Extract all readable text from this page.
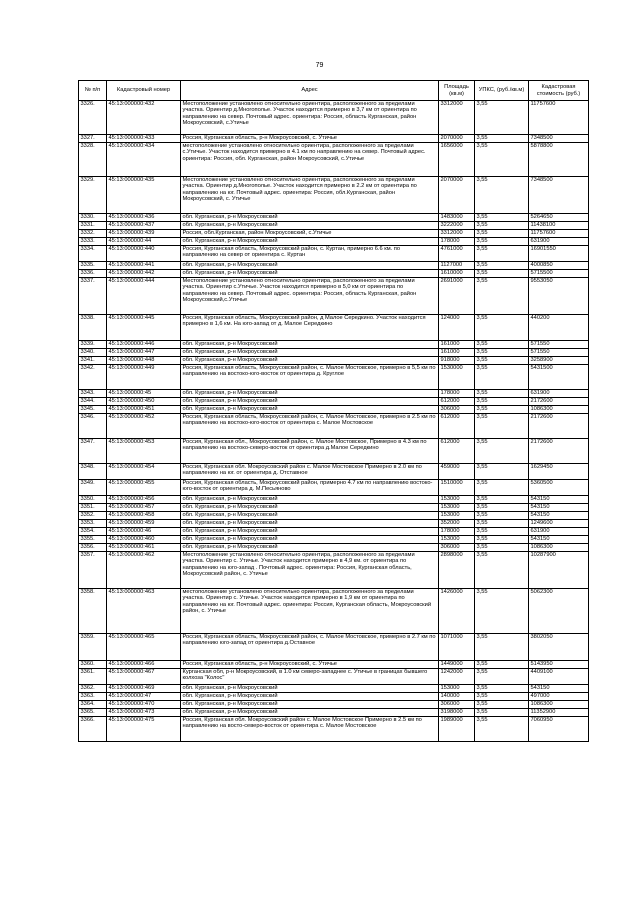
79
№ п/п	Кадастровый номер	Адрес	Площадь (кв.м)	УПКС, (руб./кв.м)	Кадастровая стоимость (руб.)
3326.	45:13:000000:432	Местоположение установлено относительно ориентира, расположенного за пределами участка. Ориентир д.Многополье. Участок находится примерно в 3,7 км от ориентира по направлению на север. Почтовый адрес. ориентира: Россия, область Курганская, район Мокроусовский, с.Утичье	3312000	3,55	11757600
3327.	45:13:000000:433	Россия, Курганская область, р-н Мокроусовский, с. Утичье	2070000	3,55	7348500
3328.	45:13:000000:434	местоположение установлено относительно ориентира, расположенного за пределами с.Утичье. Участок находится примерно в 4.1 км по направлению на север. Почтовый адрес. ориентира: Россия, обл. Курганская, район Мокроусовский, с.Утичье	1656000	3,55	5878800
3329.	45:13:000000:435	Местоположение установлено относительно ориентира, расположенного за пределами участка. Ориентир д.Многополье. Участок находится примерно в 2.2 км от ориентира по направлению на юг. Почтовый адрес. ориентира: Россия, обл.Курганская, район Мокроусовский, с. Утичье	2070000	3,55	7348500
3330.	45:13:000000:436	обл. Курганская, р-н Мокроусовский	1483000	3,55	5264650
3331.	45:13:000000:437	обл. Курганская, р-н Мокроусовский	3222000	3,55	11438100
3332.	45:13:000000:439	Россия, обл.Курганская, район Мокроусовский, с.Утичье	3312000	3,55	11757600
3333.	45:13:000000:44	обл. Курганская, р-н Мокроусовский	178000	3,55	631900
3334.	45:13:000000:440	Россия, Курганская область, Мокроусовский район, с. Куртан, примерно 6.6 км. по направлению на север от ориентира с. Куртан	4761000	3,55	16901550
3335.	45:13:000000:441	обл. Курганская, р-н Мокроусовский	1127000	3,55	4000850
3336.	45:13:000000:442	обл. Курганская, р-н Мокроусовский	1610000	3,55	5715500
3337.	45:13:000000:444	Местоположение установлено относительно ориентира, расположенного за пределами участка. Ориентир с.Утичье. Участок находится примерно в 5,0 км от ориентира по направлению на север. Почтовый адрес. ориентира: Россия, область Курганская, район Мокроусовский,с.Утичье	2691000	3,55	9553050
3338.	45:13:000000:445	Россия, Курганская область, Мокроусовский район, д Малое Середкино. Участок находится примерно в 1,6 км. На юго-запад от д. Малое Середкино	124000	3,55	440200
3339.	45:13:000000:446	обл. Курганская, р-н Мокроусовский	161000	3,55	571550
3340.	45:13:000000:447	обл. Курганская, р-н Мокроусовский	161000	3,55	571550
3341.	45:13:000000:448	обл. Курганская, р-н Мокроусовский	918000	3,55	3258900
3342.	45:13:000000:449	Россия, Курганская область, Мокроусовский район, с. Малое Мостовское, примерно в 5,5 км по направлению на востоко-юго-восток от ориентира д. Круглое	1530000	3,55	5431500
3343.	45:13:000000:45	обл. Курганская, р-н Мокроусовский	178000	3,55	631900
3344.	45:13:000000:450	обл. Курганская, р-н Мокроусовский	612000	3,55	2172600
3345.	45:13:000000:451	обл. Курганская, р-н Мокроусовский	306000	3,55	1086300
3346.	45:13:000000:452	Россия, Курганская область, Мокроусовский район, с. Малое Мостовское, примерно в 2.5 км по направлению на востоко-юго-восток от ориентира с. Малое Мостовское	612000	3,55	2172600
3347.	45:13:000000:453	Россия, Курганская обл., Мокроусовский район, с. Малое Мостовское, Примерно в 4.3 км по направлению на востоко-северо-восток от ориентира д.Малое Середкино	612000	3,55	2172600
3348.	45:13:000000:454	Россия, Курганская обл. Мокроусовский район с. Малое Мостовское Примерно в 2.0 км по направлению на юг. от ориентира д. Отставное	459000	3,55	1629450
3349.	45:13:000000:455	Россия, Курганская область, Мокроусовский район, примерно 4.7 км по направлению востоко-юго-восток от ориентира д. М.Песьяново	1510000	3,55	5360500
3350.	45:13:000000:456	обл. Курганская, р-н Мокроусовский	153000	3,55	543150
3351.	45:13:000000:457	обл. Курганская, р-н Мокроусовский	153000	3,55	543150
3352.	45:13:000000:458	обл. Курганская, р-н Мокроусовский	153000	3,55	543150
3353.	45:13:000000:459	обл. Курганская, р-н Мокроусовский	352000	3,55	1249600
3354.	45:13:000000:46	обл. Курганская, р-н Мокроусовский	178000	3,55	631900
3355.	45:13:000000:460	обл. Курганская, р-н Мокроусовский	153000	3,55	543150
3356.	45:13:000000:461	обл. Курганская, р-н Мокроусовский	306000	3,55	1086300
3357.	45:13:000000:462	Местоположение установлено относительно ориентира, расположенного за пределами участка. Ориентир с. Утичье. Участок находится примерно в 4,9 км. от ориентира по направлению на юго-запад . Почтовый адрес. ориентира: Россия, Курганская область, Мокроусовский район, с. Утичье	2898000	3,55	10287900
3358.	45:13:000000:463	местоположение установлено относительно ориентира, расположенного за пределами участка. Ориентир с. Утичье. Участок находится примерно в 1,9 км от ориентира по направлению на юг. Почтовый адрес. ориентира: Россия, Курганская область, Мокроусовский район, с. Утичье	1426000	3,55	5062300
3359.	45:13:000000:465	Россия, Курганская область, Мокроусовский район, с. Малое Мостовское, примерно в 2.7 км по направлению юго-запад от ориентира д.Оставное	1071000	3,55	3802050
3360.	45:13:000000:466	Россия, Курганская область, р-н Мокроусовский, с. Утичье	1449000	3,55	5143950
3361.	45:13:000000:467	Курганская обл, р-н Мокроусовский, в 1.0 км северо-западнее с. Утичье в границах бывшего колхоза "Колос"	1242000	3,55	4409100
3362.	45:13:000000:469	обл. Курганская, р-н Мокроусовский	153000	3,55	543150
3363.	45:13:000000:47	обл. Курганская, р-н Мокроусовский	140000	3,55	497000
3364.	45:13:000000:470	обл. Курганская, р-н Мокроусовский	306000	3,55	1086300
3365.	45:13:000000:473	обл. Курганская, р-н Мокроусовский	3198000	3,55	11352900
3366.	45:13:000000:475	Россия, Курганская обл. Мокроусовский район с. Малое Мостовское Примерно в 2.5 км по направлению на восто-северо-восток от ориентира с. Малое Мостовское	1989000	3,55	7060950
